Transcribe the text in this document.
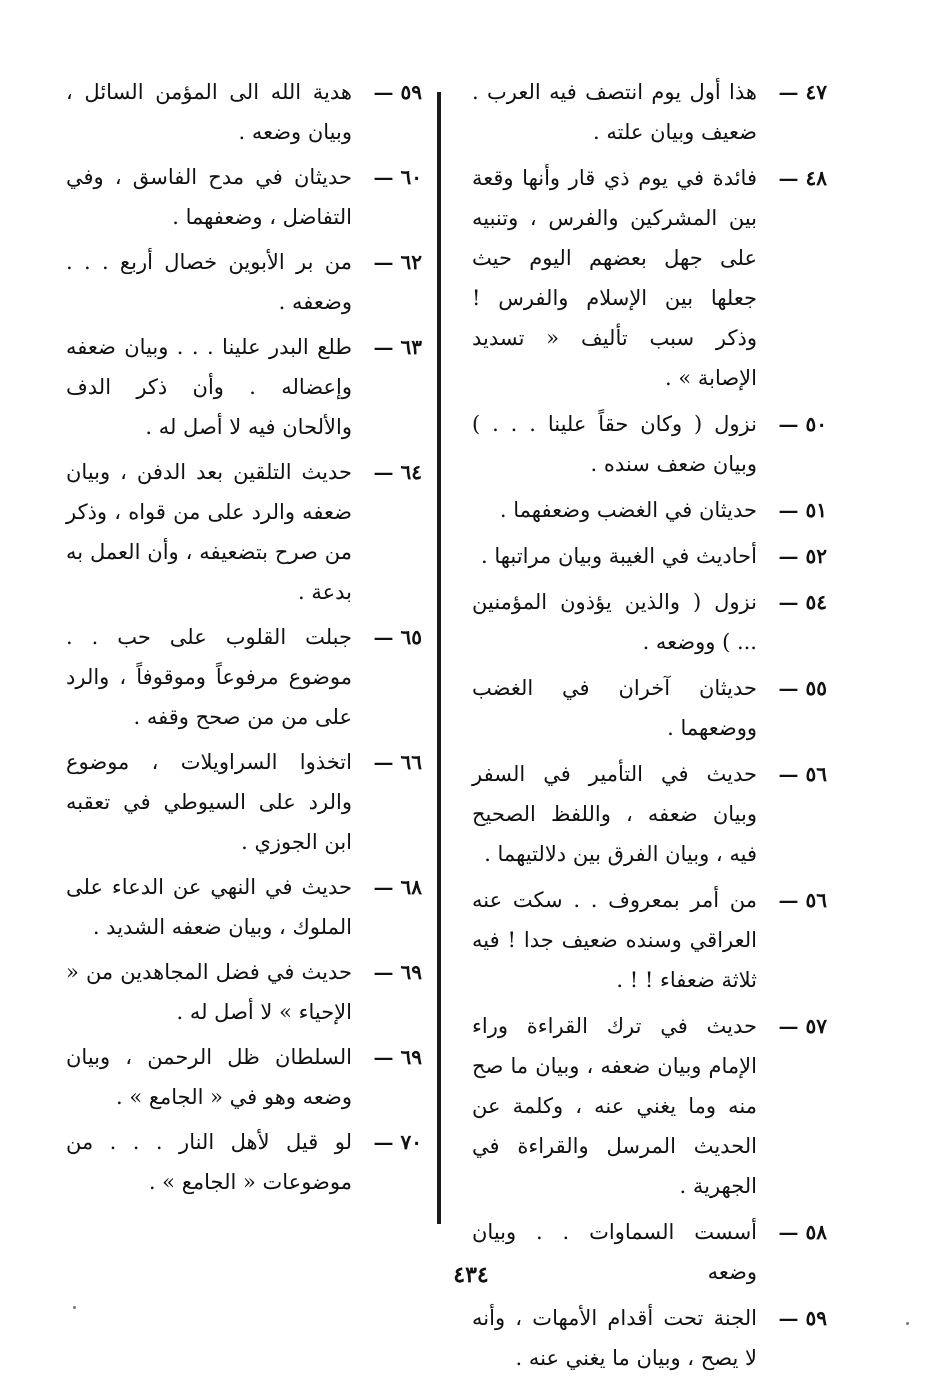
٤٧ —
هذا أول يوم انتصف فيه العرب . ضعيف وبيان علته .
٤٨ —
فائدة في يوم ذي قار وأنها وقعة بين المشركين والفرس ، وتنبيه على جهل بعضهم اليوم حيث جعلها بين الإسلام والفرس ! وذكر سبب تأليف « تسديد الإصابة » .
٥٠ —
نزول ( وكان حقاً علينا . . . ) وبيان ضعف سنده .
٥١ —
حديثان في الغضب وضعفهما .
٥٢ —
أحاديث في الغيبة وبيان مراتبها .
٥٤ —
نزول ( والذين يؤذون المؤمنين ... ) ووضعه .
٥٥ —
حديثان آخران في الغضب ووضعهما .
٥٦ —
حديث في التأمير في السفر وبيان ضعفه ، واللفظ الصحيح فيه ، وبيان الفرق بين دلالتيهما .
٥٦ —
من أمر بمعروف . . سكت عنه العراقي وسنده ضعيف جدا ! فيه ثلاثة ضعفاء ! ! .
٥٧ —
حديث في ترك القراءة وراء الإمام وبيان ضعفه ، وبيان ما صح منه وما يغني عنه ، وكلمة عن الحديث المرسل والقراءة في الجهرية .
٥٨ —
أسست السماوات . . وبيان وضعه
٥٩ —
الجنة تحت أقدام الأمهات ، وأنه لا يصح ، وبيان ما يغني عنه .
٥٩ —
هدية الله الى المؤمن السائل ، وبيان وضعه .
٦٠ —
حديثان في مدح الفاسق ، وفي التفاضل ، وضعفهما .
٦٢ —
من بر الأبوين خصال أربع . . . وضعفه .
٦٣ —
طلع البدر علينا . . . وبيان ضعفه وإعضاله . وأن ذكر الدف والألحان فيه لا أصل له .
٦٤ —
حديث التلقين بعد الدفن ، وبيان ضعفه والرد على من قواه ، وذكر من صرح بتضعيفه ، وأن العمل به بدعة .
٦٥ —
جبلت القلوب على حب . . موضوع مرفوعاً وموقوفاً ، والرد على من من صحح وقفه .
٦٦ —
اتخذوا السراويلات ، موضوع والرد على السيوطي في تعقبه ابن الجوزي .
٦٨ —
حديث في النهي عن الدعاء على الملوك ، وبيان ضعفه الشديد .
٦٩ —
حديث في فضل المجاهدين من « الإحياء » لا أصل له .
٦٩ —
السلطان ظل الرحمن ، وبيان وضعه وهو في « الجامع » .
٧٠ —
لو قيل لأهل النار . . . من موضوعات « الجامع » .
٤٣٤
